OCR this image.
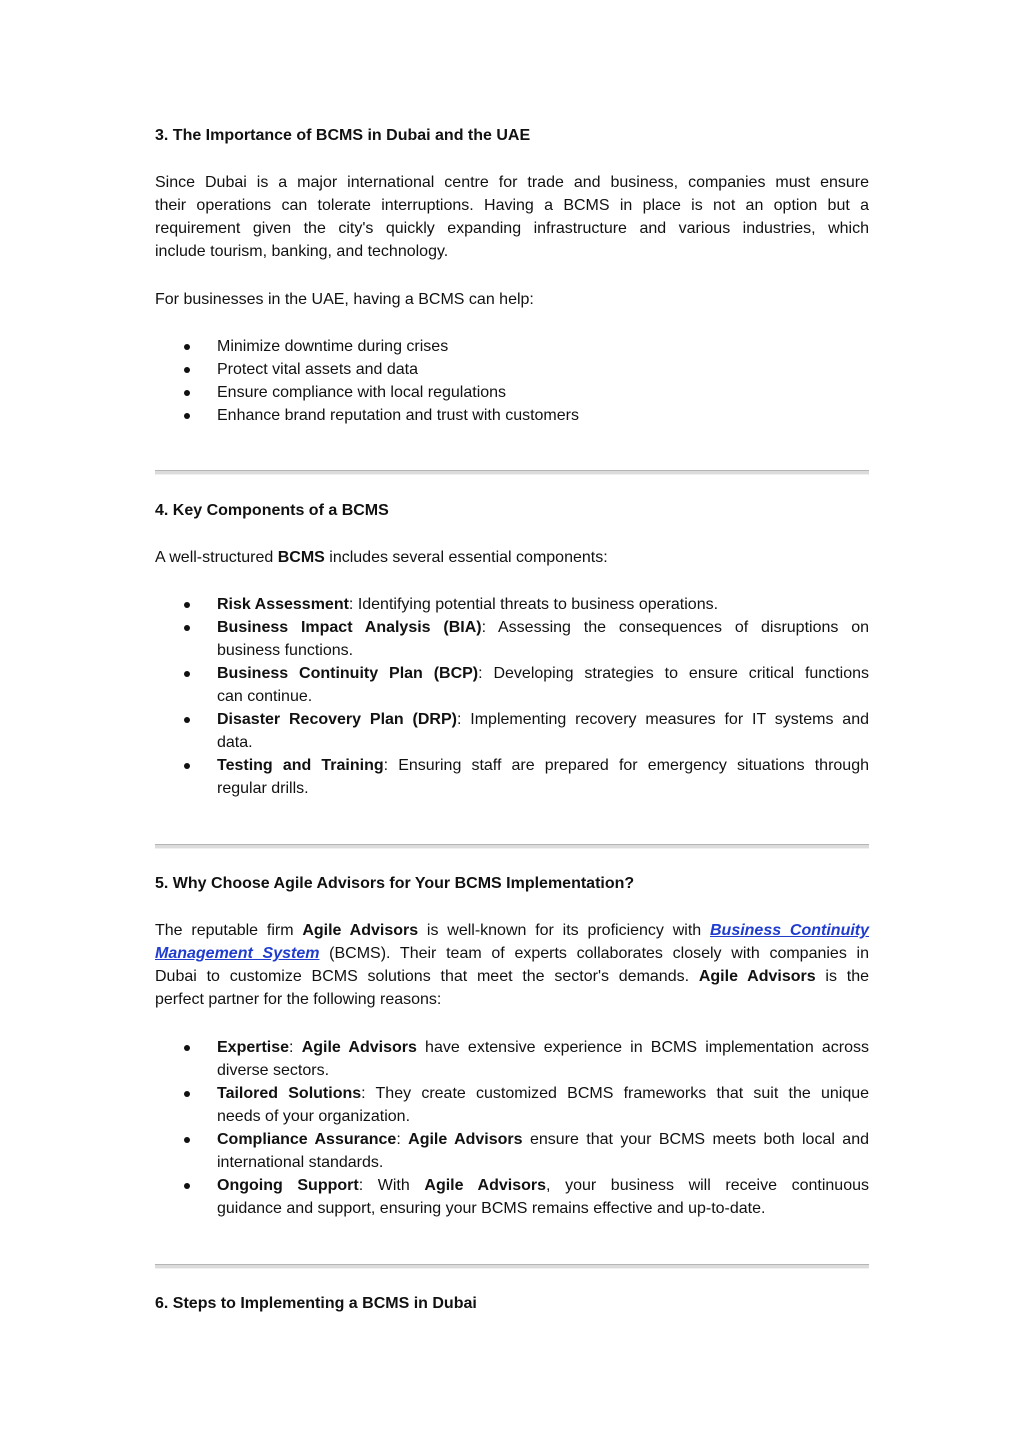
3. The Importance of BCMS in Dubai and the UAE
Since Dubai is a major international centre for trade and business, companies must ensure
their operations can tolerate interruptions. Having a BCMS in place is not an option but a
requirement given the city's quickly expanding infrastructure and various industries, which
include tourism, banking, and technology.
For businesses in the UAE, having a BCMS can help:
Minimize downtime during crises
Protect vital assets and data
Ensure compliance with local regulations
Enhance brand reputation and trust with customers
4. Key Components of a BCMS
A well-structured BCMS includes several essential components:
Risk Assessment: Identifying potential threats to business operations.
Business Impact Analysis (BIA): Assessing the consequences of disruptions on
business functions.
Business Continuity Plan (BCP): Developing strategies to ensure critical functions
can continue.
Disaster Recovery Plan (DRP): Implementing recovery measures for IT systems and
data.
Testing and Training: Ensuring staff are prepared for emergency situations through
regular drills.
5. Why Choose Agile Advisors for Your BCMS Implementation?
The reputable firm Agile Advisors is well-known for its proficiency with Business Continuity
Management System (BCMS). Their team of experts collaborates closely with companies in
Dubai to customize BCMS solutions that meet the sector's demands. Agile Advisors is the
perfect partner for the following reasons:
Expertise: Agile Advisors have extensive experience in BCMS implementation across
diverse sectors.
Tailored Solutions: They create customized BCMS frameworks that suit the unique
needs of your organization.
Compliance Assurance: Agile Advisors ensure that your BCMS meets both local and
international standards.
Ongoing Support: With Agile Advisors, your business will receive continuous
guidance and support, ensuring your BCMS remains effective and up-to-date.
6. Steps to Implementing a BCMS in Dubai
